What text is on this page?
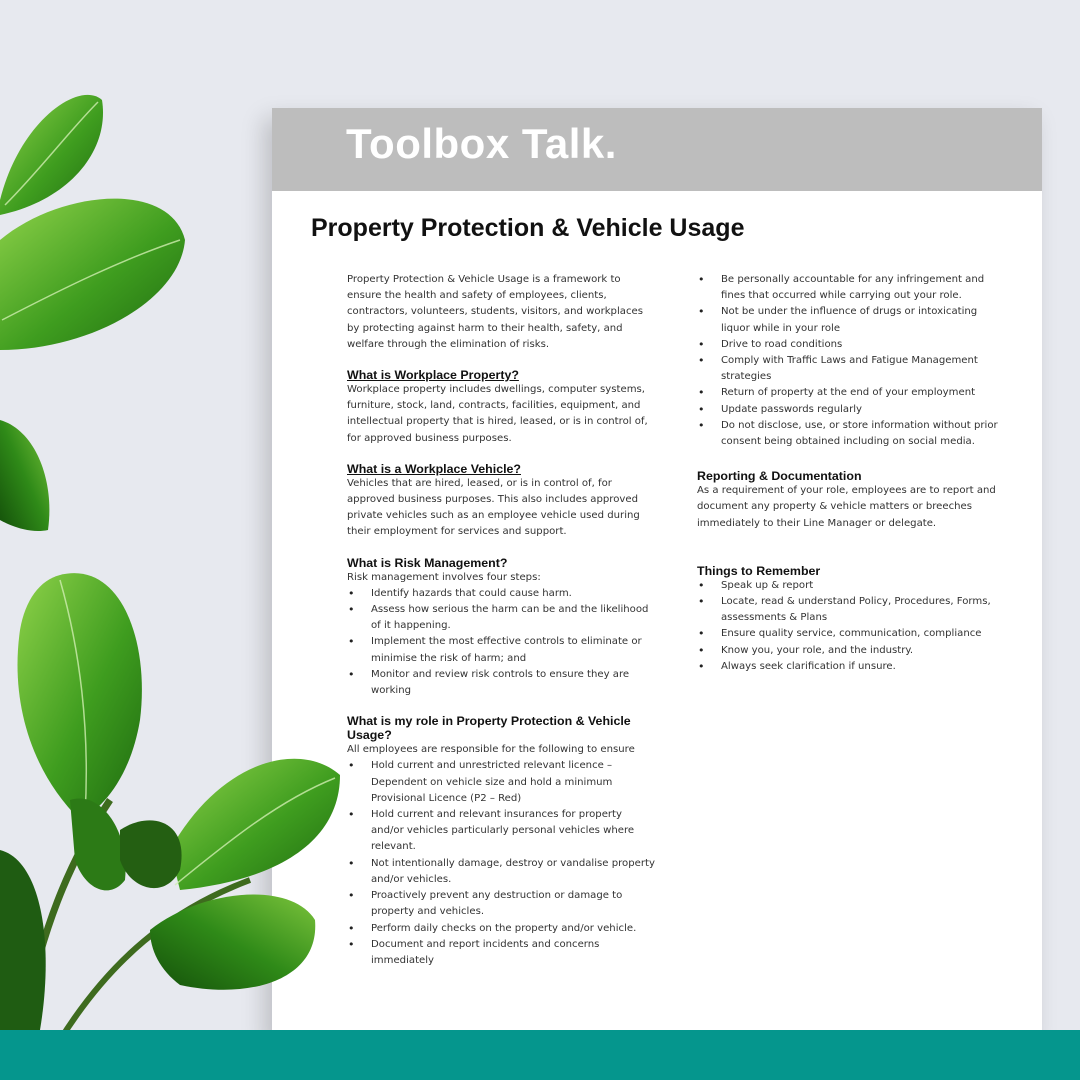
Toolbox Talk.
Property Protection & Vehicle Usage

Property Protection & Vehicle Usage is a framework to ensure the health and safety of employees, clients, contractors, volunteers, students, visitors, and workplaces by protecting against harm to their health, safety, and welfare through the elimination of risks.

What is Workplace Property?

Workplace property includes dwellings, computer systems, furniture, stock, land, contracts, facilities, equipment, and intellectual property that is hired, leased, or is in control of, for approved business purposes.

What is a Workplace Vehicle?

Vehicles that are hired, leased, or is in control of, for approved business purposes. This also includes approved private vehicles such as an employee vehicle used during their employment for services and support.

What is Risk Management?

Risk management involves four steps:

• Identify hazards that could cause harm.
• Assess how serious the harm can be and the likelihood of it happening.
• Implement the most effective controls to eliminate or minimise the risk of harm; and
• Monitor and review risk controls to ensure they are working

What is my role in Property Protection & Vehicle Usage?

All employees are responsible for the following to ensure

• Hold current and unrestricted relevant licence – Dependent on vehicle size and hold a minimum Provisional Licence (P2 – Red)
• Hold current and relevant insurances for property and/or vehicles particularly personal vehicles where relevant.
• Not intentionally damage, destroy or vandalise property and/or vehicles.
• Proactively prevent any destruction or damage to property and vehicles.
• Perform daily checks on the property and/or vehicle.
• Document and report incidents and concerns immediately
• Be personally accountable for any infringement and fines that occurred while carrying out your role.
• Not be under the influence of drugs or intoxicating liquor while in your role
• Drive to road conditions
• Comply with Traffic Laws and Fatigue Management strategies
• Return of property at the end of your employment
• Update passwords regularly
• Do not disclose, use, or store information without prior consent being obtained including on social media.

Reporting & Documentation

As a requirement of your role, employees are to report and document any property & vehicle matters or breeches immediately to their Line Manager or delegate.

Things to Remember

• Speak up & report
• Locate, read & understand Policy, Procedures, Forms, assessments & Plans
• Ensure quality service, communication, compliance
• Know you, your role, and the industry.
• Always seek clarification if unsure.
